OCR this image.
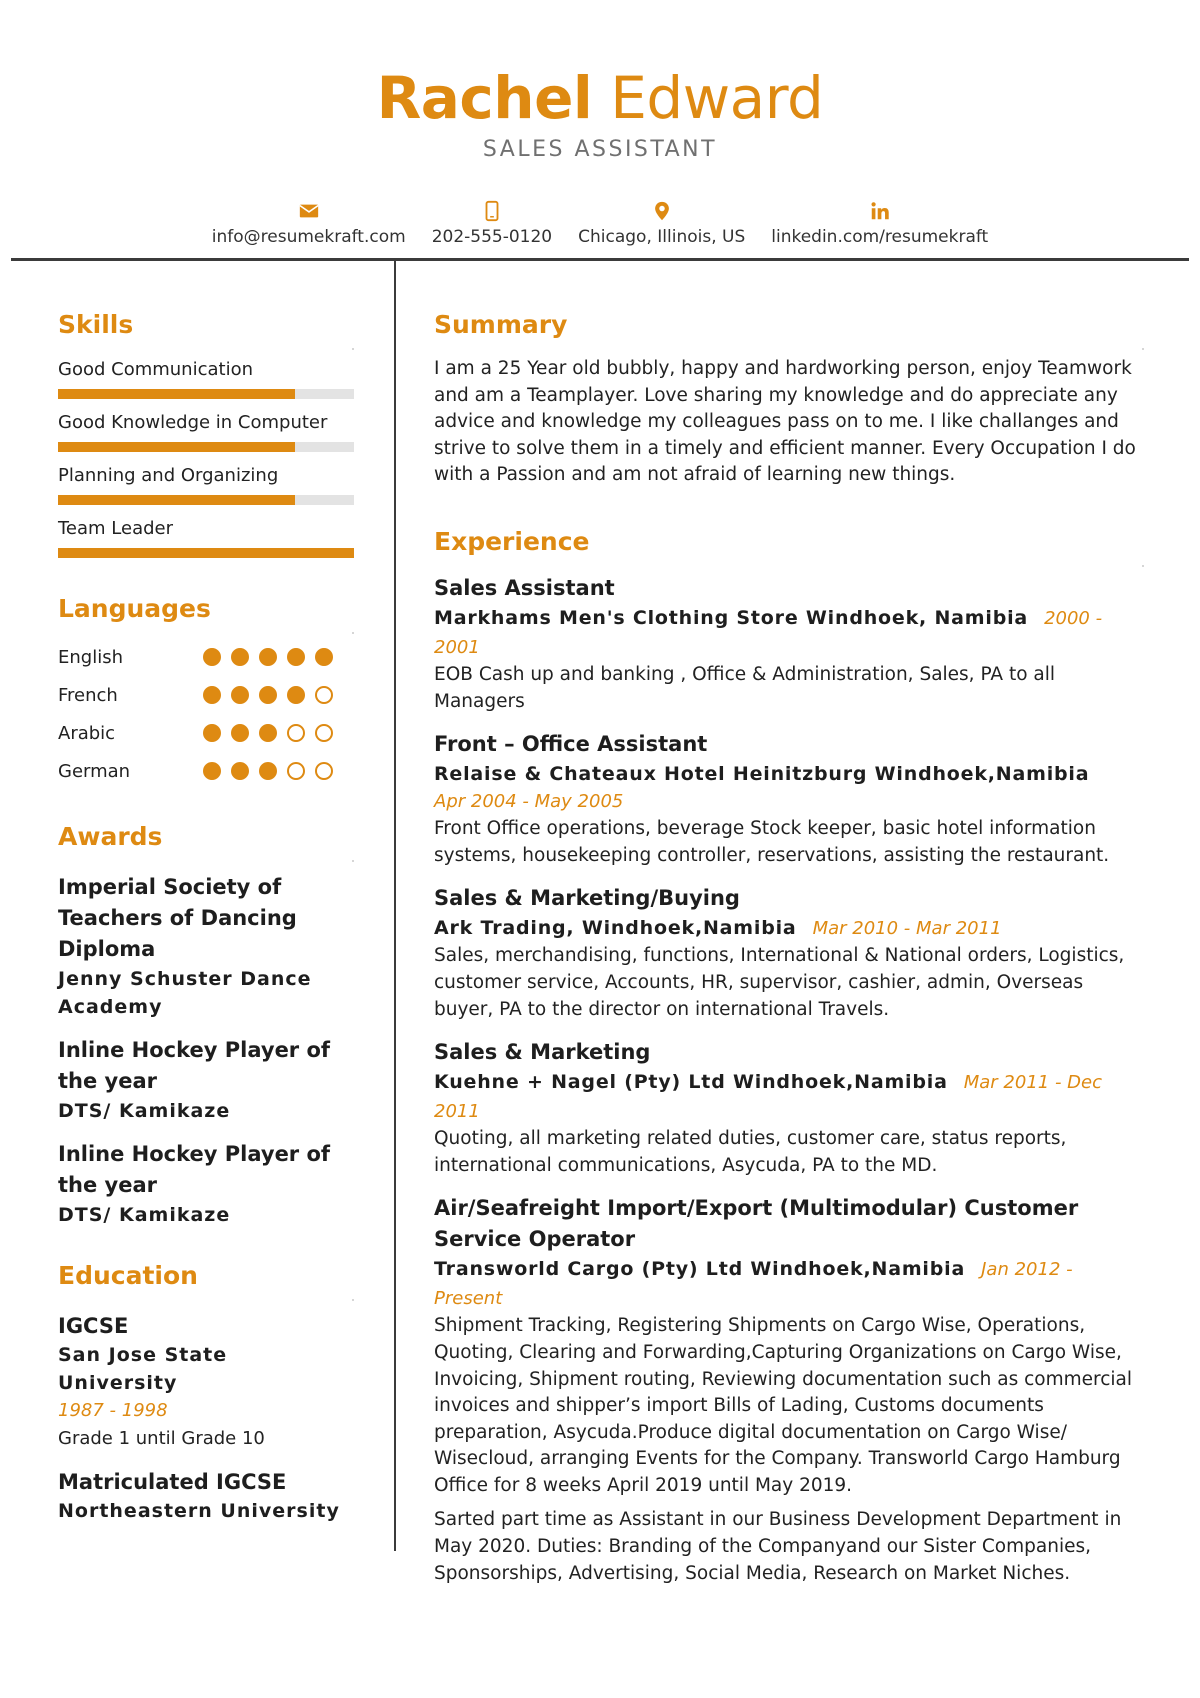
Rachel Edward
SALES ASSISTANT
info@resumekraft.com 202-555-0120 Chicago, Illinois, US linkedin.com/resumekraft
Skills
Good Communication
Good Knowledge in Computer
Planning and Organizing
Team Leader
Languages
English
French
Arabic
German
Awards
Imperial Society of Teachers of Dancing Diploma
Jenny Schuster Dance Academy
Inline Hockey Player of the year
DTS/ Kamikaze
Inline Hockey Player of the year
DTS/ Kamikaze
Education
IGCSE
San Jose State University
1987 - 1998
Grade 1 until Grade 10
Matriculated IGCSE
Northeastern University
Summary
I am a 25 Year old bubbly, happy and hardworking person, enjoy Teamwork and am a Teamplayer. Love sharing my knowledge and do appreciate any advice and knowledge my colleagues pass on to me. I like challanges and strive to solve them in a timely and efficient manner. Every Occupation I do with a Passion and am not afraid of learning new things.
Experience
Sales Assistant
Markhams Men's Clothing Store Windhoek, Namibia 2000 - 2001
EOB Cash up and banking , Office & Administration, Sales, PA to all Managers
Front – Office Assistant
Relaise & Chateaux Hotel Heinitzburg Windhoek,Namibia
Apr 2004 - May 2005
Front Office operations, beverage Stock keeper, basic hotel information systems, housekeeping controller, reservations, assisting the restaurant.
Sales & Marketing/Buying
Ark Trading, Windhoek,Namibia Mar 2010 - Mar 2011
Sales, merchandising, functions, International & National orders, Logistics, customer service, Accounts, HR, supervisor, cashier, admin, Overseas buyer, PA to the director on international Travels.
Sales & Marketing
Kuehne + Nagel (Pty) Ltd Windhoek,Namibia Mar 2011 - Dec 2011
Quoting, all marketing related duties, customer care, status reports, international communications, Asycuda, PA to the MD.
Air/Seafreight Import/Export (Multimodular) Customer Service Operator
Transworld Cargo (Pty) Ltd Windhoek,Namibia Jan 2012 - Present
Shipment Tracking, Registering Shipments on Cargo Wise, Operations, Quoting, Clearing and Forwarding,Capturing Organizations on Cargo Wise, Invoicing, Shipment routing, Reviewing documentation such as commercial invoices and shipper’s import Bills of Lading, Customs documents preparation, Asycuda.Produce digital documentation on Cargo Wise/ Wisecloud, arranging Events for the Company. Transworld Cargo Hamburg Office for 8 weeks April 2019 until May 2019.
Sarted part time as Assistant in our Business Development Department in May 2020. Duties: Branding of the Companyand our Sister Companies, Sponsorships, Advertising, Social Media, Research on Market Niches.
